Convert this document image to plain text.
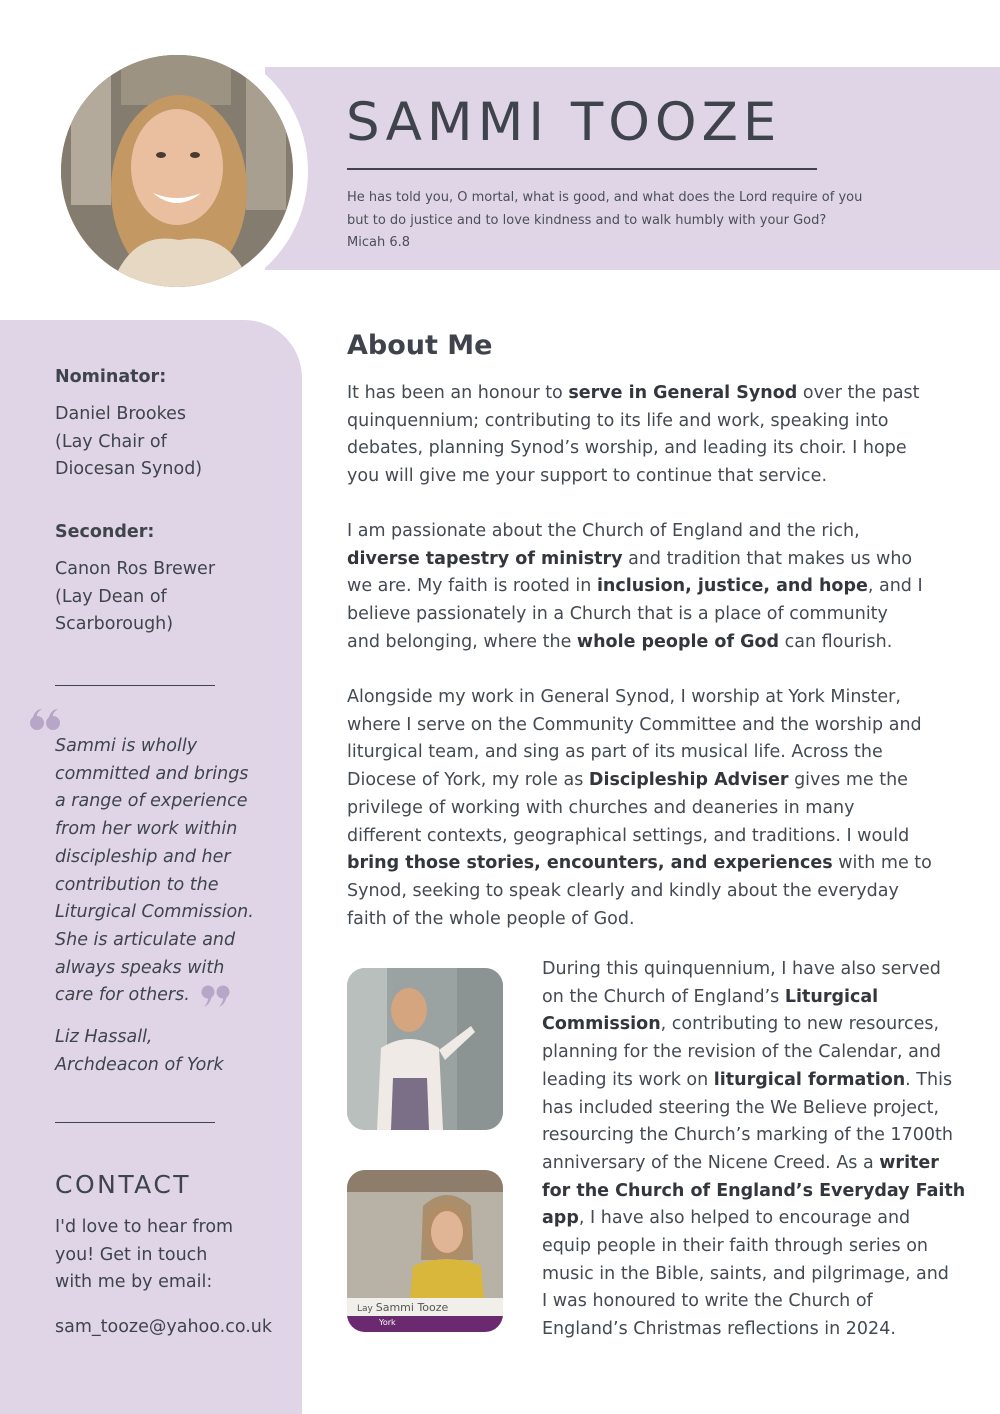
SAMMI TOOZE
He has told you, O mortal, what is good, and what does the Lord require of you
but to do justice and to love kindness and to walk humbly with your God?
Micah 6.8
Nominator:
Daniel Brookes
(Lay Chair of
Diocesan Synod)
Seconder:
Canon Ros Brewer
(Lay Dean of
Scarborough)
Sammi is wholly
committed and brings
a range of experience
from her work within
discipleship and her
contribution to the
Liturgical Commission.
She is articulate and
always speaks with
care for others.
Liz Hassall,
Archdeacon of York
CONTACT
I'd love to hear from
you! Get in touch
with me by email:
sam_tooze@yahoo.co.uk
About Me
It has been an honour to serve in General Synod over the past
quinquennium; contributing to its life and work, speaking into
debates, planning Synod’s worship, and leading its choir. I hope
you will give me your support to continue that service.
I am passionate about the Church of England and the rich,
diverse tapestry of ministry and tradition that makes us who
we are. My faith is rooted in inclusion, justice, and hope, and I
believe passionately in a Church that is a place of community
and belonging, where the whole people of God can flourish.
Alongside my work in General Synod, I worship at York Minster,
where I serve on the Community Committee and the worship and
liturgical team, and sing as part of its musical life. Across the
Diocese of York, my role as Discipleship Adviser gives me the
privilege of working with churches and deaneries in many
different contexts, geographical settings, and traditions. I would
bring those stories, encounters, and experiences with me to
Synod, seeking to speak clearly and kindly about the everyday
faith of the whole people of God.
During this quinquennium, I have also served
on the Church of England’s Liturgical
Commission, contributing to new resources,
planning for the revision of the Calendar, and
leading its work on liturgical formation. This
has included steering the We Believe project,
resourcing the Church’s marking of the 1700th
anniversary of the Nicene Creed. As a writer
for the Church of England’s Everyday Faith
app, I have also helped to encourage and
equip people in their faith through series on
music in the Bible, saints, and pilgrimage, and
I was honoured to write the Church of
England’s Christmas reflections in 2024.
Lay Sammi Tooze
York
